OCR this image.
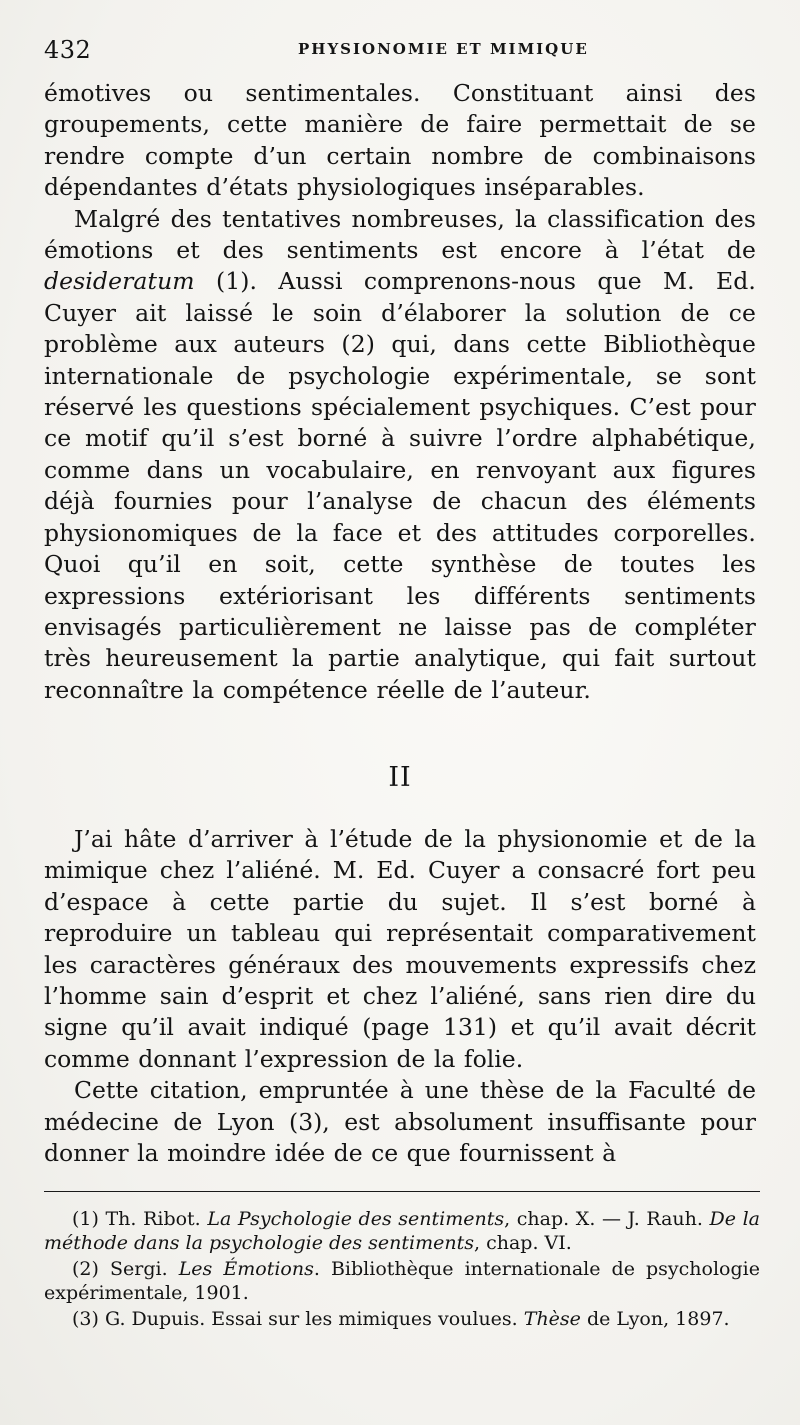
432	PHYSIONOMIE ET MIMIQUE

émotives ou sentimentales. Constituant ainsi des groupements, cette manière de faire permettait de se rendre compte d’un certain nombre de combinaisons dépendantes d’états physiologiques inséparables.

Malgré des tentatives nombreuses, la classification des émotions et des sentiments est encore à l’état de desideratum (1). Aussi comprenons-nous que M. Ed. Cuyer ait laissé le soin d’élaborer la solution de ce problème aux auteurs (2) qui, dans cette Bibliothèque internationale de psychologie expérimentale, se sont réservé les questions spécialement psychiques. C’est pour ce motif qu’il s’est borné à suivre l’ordre alphabétique, comme dans un vocabulaire, en renvoyant aux figures déjà fournies pour l’analyse de chacun des éléments physionomiques de la face et des attitudes corporelles. Quoi qu’il en soit, cette synthèse de toutes les expressions extériorisant les différents sentiments envisagés particulièrement ne laisse pas de compléter très heureusement la partie analytique, qui fait surtout reconnaître la compétence réelle de l’auteur.

II

J’ai hâte d’arriver à l’étude de la physionomie et de la mimique chez l’aliéné. M. Ed. Cuyer a consacré fort peu d’espace à cette partie du sujet. Il s’est borné à reproduire un tableau qui représentait comparativement les caractères généraux des mouvements expressifs chez l’homme sain d’esprit et chez l’aliéné, sans rien dire du signe qu’il avait indiqué (page 131) et qu’il avait décrit comme donnant l’expression de la folie.

Cette citation, empruntée à une thèse de la Faculté de médecine de Lyon (3), est absolument insuffisante pour donner la moindre idée de ce que fournissent à

(1) Th. Ribot. La Psychologie des sentiments, chap. X. — J. Rauh. De la méthode dans la psychologie des sentiments, chap. VI.

(2) Sergi. Les Émotions. Bibliothèque internationale de psychologie expérimentale, 1901.

(3) G. Dupuis. Essai sur les mimiques voulues. Thèse de Lyon, 1897.
